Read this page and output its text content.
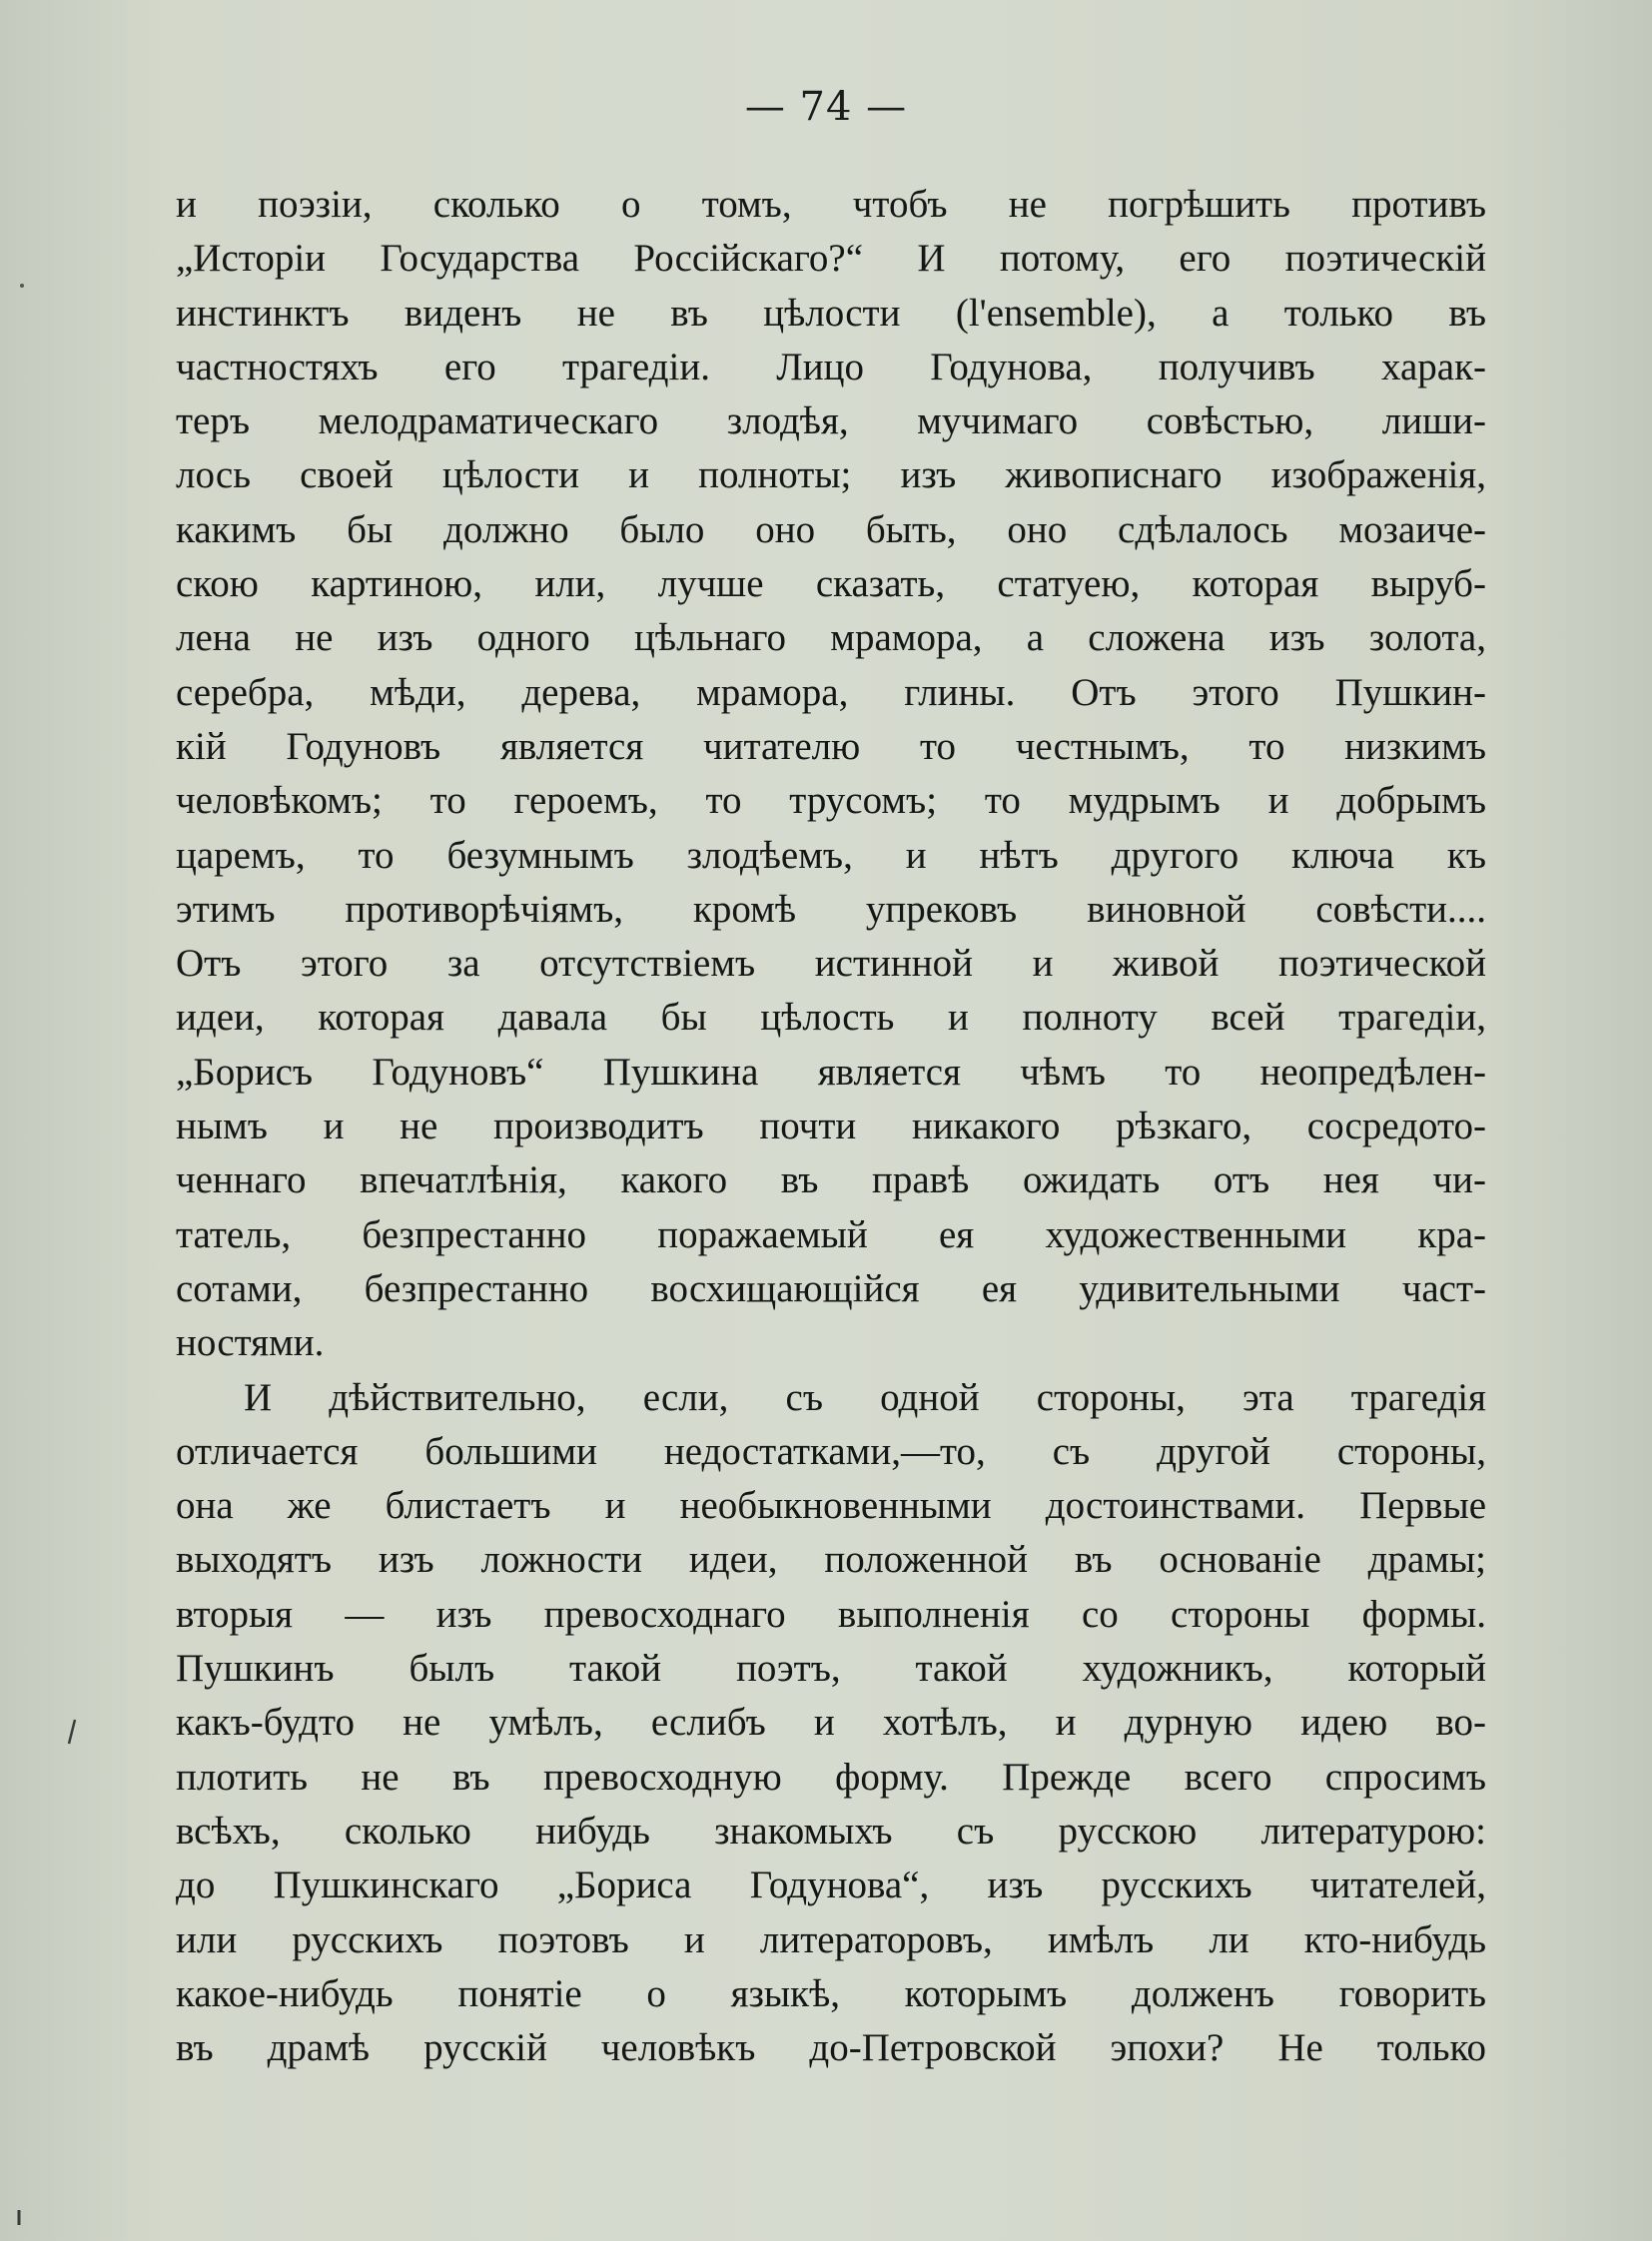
— 74 —
и поэзіи, сколько о томъ, чтобъ не погрѣшить противъ
„Исторіи Государства Россійскаго?“ И потому, его поэтическій
инстинктъ виденъ не въ цѣлости (l'ensemble), а только въ
частностяхъ его трагедіи. Лицо Годунова, получивъ харак-
теръ мелодраматическаго злодѣя, мучимаго совѣстью, лиши-
лось своей цѣлости и полноты; изъ живописнаго изображенія,
какимъ бы должно было оно быть, оно сдѣлалось мозаиче-
скою картиною, или, лучше сказать, статуею, которая выруб-
лена не изъ одного цѣльнаго мрамора, а сложена изъ золота,
серебра, мѣди, дерева, мрамора, глины. Отъ этого Пушкин-
кій Годуновъ является читателю то честнымъ, то низкимъ
человѣкомъ; то героемъ, то трусомъ; то мудрымъ и добрымъ
царемъ, то безумнымъ злодѣемъ, и нѣтъ другого ключа къ
этимъ противорѣчіямъ, кромѣ упрековъ виновной совѣсти....
Отъ этого за отсутствіемъ истинной и живой поэтической
идеи, которая давала бы цѣлость и полноту всей трагедіи,
„Борисъ Годуновъ“ Пушкина является чѣмъ то неопредѣлен-
нымъ и не производитъ почти никакого рѣзкаго, сосредото-
ченнаго впечатлѣнія, какого въ правѣ ожидать отъ нея чи-
татель, безпрестанно поражаемый ея художественными кра-
сотами, безпрестанно восхищающійся ея удивительными част-
ностями.
И дѣйствительно, если, съ одной стороны, эта трагедія
отличается большими недостатками,—то, съ другой стороны,
она же блистаетъ и необыкновенными достоинствами. Первые
выходятъ изъ ложности идеи, положенной въ основаніе драмы;
вторыя — изъ превосходнаго выполненія со стороны формы.
Пушкинъ былъ такой поэтъ, такой художникъ, который
какъ-будто не умѣлъ, еслибъ и хотѣлъ, и дурную идею во-
плотить не въ превосходную форму. Прежде всего спросимъ
всѣхъ, сколько нибудь знакомыхъ съ русскою литературою:
до Пушкинскаго „Бориса Годунова“, изъ русскихъ читателей,
или русскихъ поэтовъ и литераторовъ, имѣлъ ли кто-нибудь
какое-нибудь понятіе о языкѣ, которымъ долженъ говорить
въ драмѣ русскій человѣкъ до-Петровской эпохи? Не только
